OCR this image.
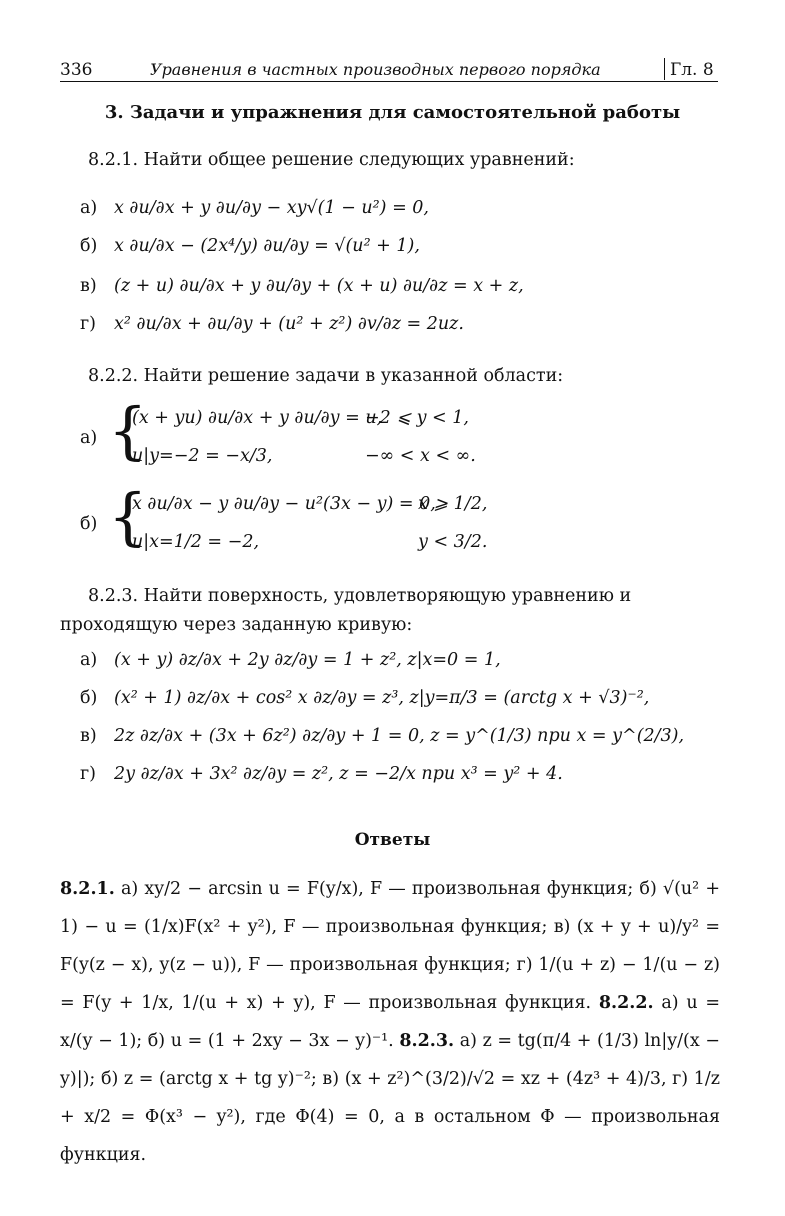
336	Уравнения в частных производных первого порядка	Гл. 8
3. Задачи и упражнения для самостоятельной работы
8.2.1. Найти общее решение следующих уравнений:
а) x ∂u/∂x + y ∂u/∂y − xy√(1 − u²) = 0,
б) x ∂u/∂x − (2x⁴/y) ∂u/∂y = √(u² + 1),
в) (z + u) ∂u/∂x + y ∂u/∂y + (x + u) ∂u/∂z = x + z,
г) x² ∂u/∂x + ∂u/∂y + (u² + z²) ∂v/∂z = 2uz.
8.2.2. Найти решение задачи в указанной области:
а) {
(x + yu) ∂u/∂x + y ∂u/∂y = u,
−2 ⩽ y < 1,
u|y=−2 = −x/3,	−∞ < x < ∞.
б) {
x ∂u/∂x − y ∂u/∂y − u²(3x − y) = 0,
x ⩾ 1/2,
u|x=1/2 = −2,	y < 3/2.
8.2.3. Найти поверхность, удовлетворяющую уравнению и проходящую через заданную кривую:
а) (x + y) ∂z/∂x + 2y ∂z/∂y = 1 + z², z|x=0 = 1,
б) (x² + 1) ∂z/∂x + cos² x ∂z/∂y = z³, z|y=π/3 = (arctg x + √3)⁻²,
в) 2z ∂z/∂x + (3x + 6z²) ∂z/∂y + 1 = 0, z = y^(1/3) при x = y^(2/3),
г) 2y ∂z/∂x + 3x² ∂z/∂y = z², z = −2/x при x³ = y² + 4.
Ответы
8.2.1. а) xy/2 − arcsin u = F(y/x), F — произвольная функция; б) √(u² + 1) − u = (1/x)F(x² + y²), F — произвольная функция; в) (x + y + u)/y² = F(y(z − x), y(z − u)), F — произвольная функция; г) 1/(u + z) − 1/(u − z) = F(y + 1/x, 1/(u + x) + y), F — произвольная функция. 8.2.2. а) u = x/(y − 1); б) u = (1 + 2xy − 3x − y)⁻¹. 8.2.3. а) z = tg(π/4 + (1/3) ln|y/(x − y)|); б) z = (arctg x + tg y)⁻²; в) (x + z²)^(3/2)/√2 = xz + (4z³ + 4)/3, г) 1/z + x/2 = Φ(x³ − y²), где Φ(4) = 0, а в остальном Φ — произвольная функция.
